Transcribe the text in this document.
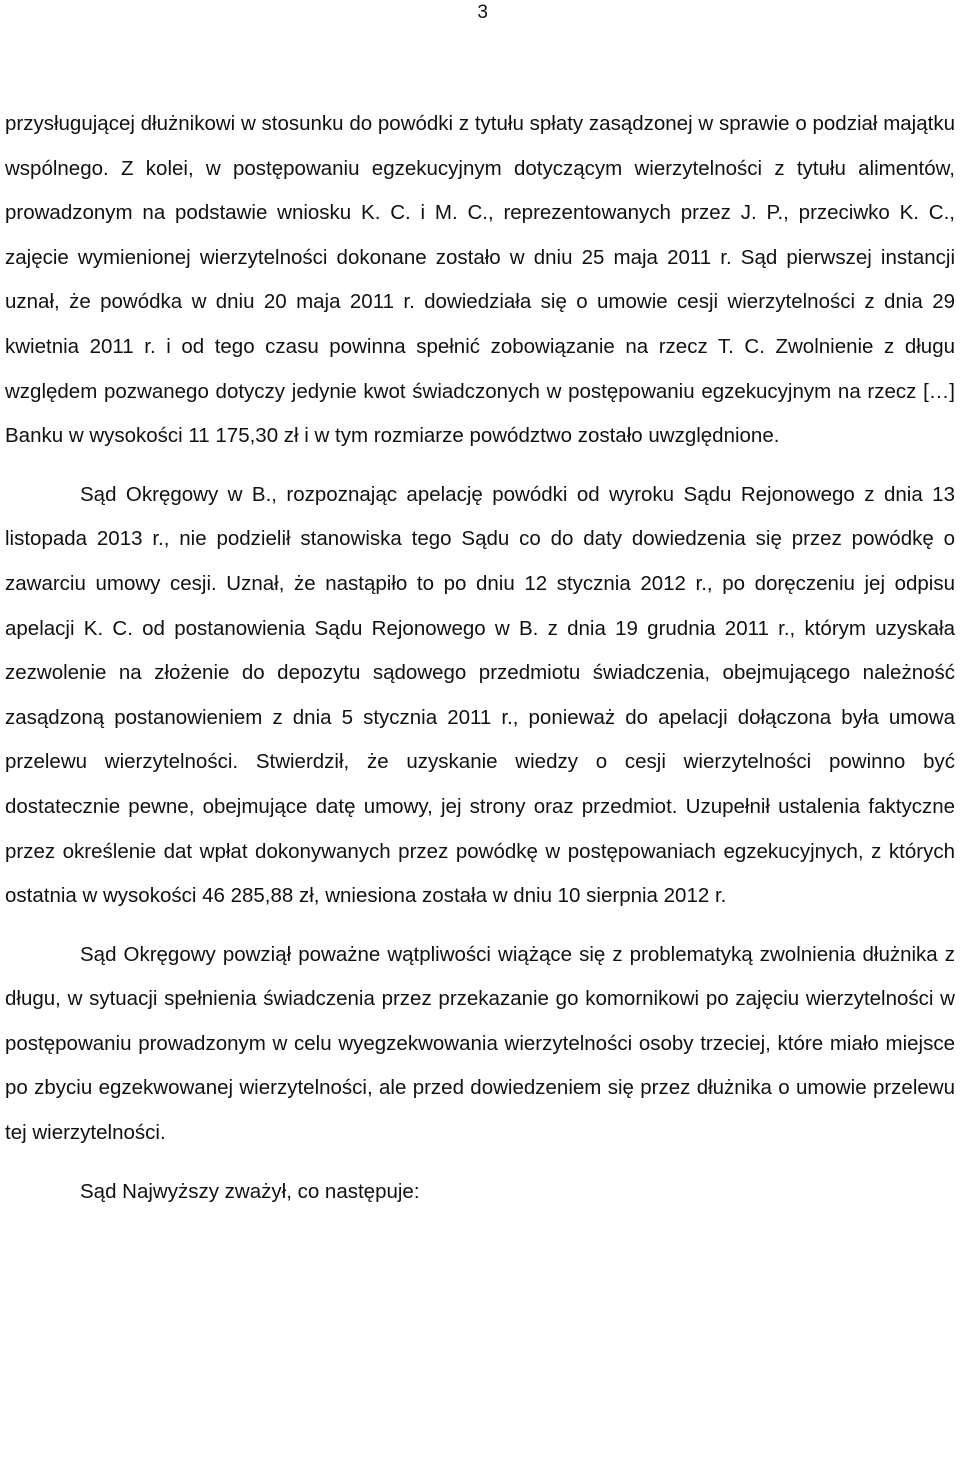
3

przysługującej dłużnikowi w stosunku do powódki z tytułu spłaty zasądzonej w sprawie o podział majątku wspólnego. Z kolei, w postępowaniu egzekucyjnym dotyczącym wierzytelności z tytułu alimentów, prowadzonym na podstawie wniosku K. C. i M. C., reprezentowanych przez J. P., przeciwko K. C., zajęcie wymienionej wierzytelności dokonane zostało w dniu 25 maja 2011 r. Sąd pierwszej instancji uznał, że powódka w dniu 20 maja 2011 r. dowiedziała się o umowie cesji wierzytelności z dnia 29 kwietnia 2011 r. i od tego czasu powinna spełnić zobowiązanie na rzecz T. C. Zwolnienie z długu względem pozwanego dotyczy jedynie kwot świadczonych w postępowaniu egzekucyjnym na rzecz […] Banku w wysokości 11 175,30 zł i w tym rozmiarze powództwo zostało uwzględnione.

Sąd Okręgowy w B., rozpoznając apelację powódki od wyroku Sądu Rejonowego z dnia 13 listopada 2013 r., nie podzielił stanowiska tego Sądu co do daty dowiedzenia się przez powódkę o zawarciu umowy cesji. Uznał, że nastąpiło to po dniu 12 stycznia 2012 r., po doręczeniu jej odpisu apelacji K. C. od postanowienia Sądu Rejonowego w B. z dnia 19 grudnia 2011 r., którym uzyskała zezwolenie na złożenie do depozytu sądowego przedmiotu świadczenia, obejmującego należność zasądzoną postanowieniem z dnia 5 stycznia 2011 r., ponieważ do apelacji dołączona była umowa przelewu wierzytelności. Stwierdził, że uzyskanie wiedzy o cesji wierzytelności powinno być dostatecznie pewne, obejmujące datę umowy, jej strony oraz przedmiot. Uzupełnił ustalenia faktyczne przez określenie dat wpłat dokonywanych przez powódkę w postępowaniach egzekucyjnych, z których ostatnia w wysokości 46 285,88 zł, wniesiona została w dniu 10 sierpnia 2012 r.

Sąd Okręgowy powziął poważne wątpliwości wiążące się z problematyką zwolnienia dłużnika z długu, w sytuacji spełnienia świadczenia przez przekazanie go komornikowi po zajęciu wierzytelności w postępowaniu prowadzonym w celu wyegzekwowania wierzytelności osoby trzeciej, które miało miejsce po zbyciu egzekwowanej wierzytelności, ale przed dowiedzeniem się przez dłużnika o umowie przelewu tej wierzytelności.

Sąd Najwyższy zważył, co następuje:
